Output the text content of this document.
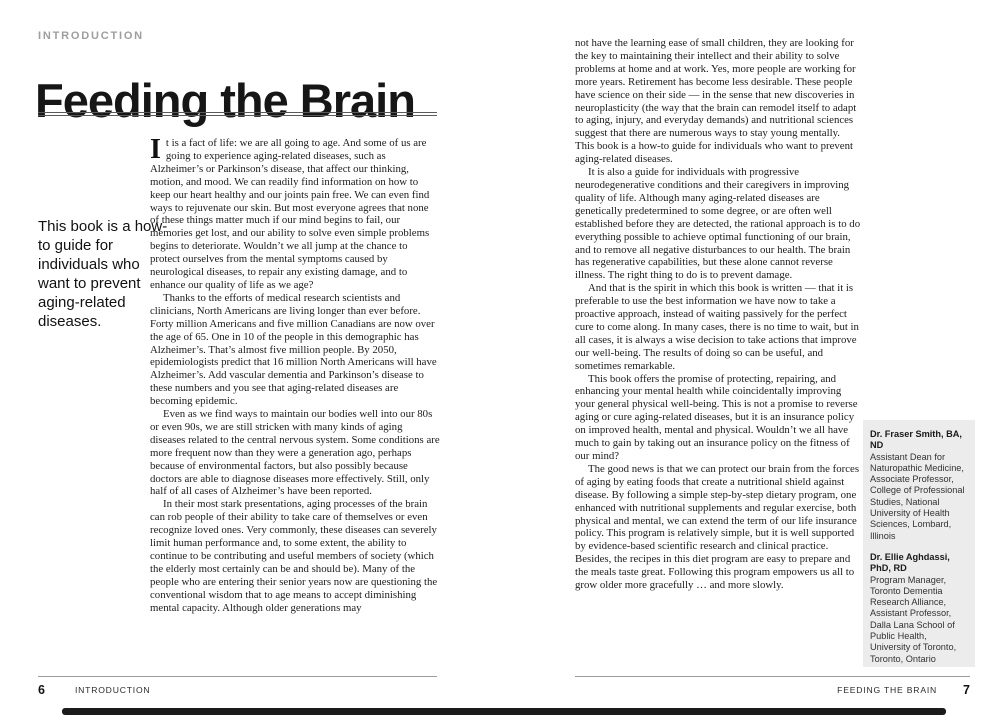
INTRODUCTION
Feeding the Brain
This book is a how-to guide for individuals who want to prevent aging-related diseases.

It is a fact of life: we are all going to age. And some of us are going to experience aging-related diseases, such as Alzheimer’s or Parkinson’s disease, that affect our thinking, motion, and mood. We can readily find information on how to keep our heart healthy and our joints pain free. We can even find ways to rejuvenate our skin. But most everyone agrees that none of these things matter much if our mind begins to fail, our memories get lost, and our ability to solve even simple problems begins to deteriorate. Wouldn’t we all jump at the chance to protect ourselves from the mental symptoms caused by neurological diseases, to repair any existing damage, and to enhance our quality of life as we age?

Thanks to the efforts of medical research scientists and clinicians, North Americans are living longer than ever before. Forty million Americans and five million Canadians are now over the age of 65. One in 10 of the people in this demographic has Alzheimer’s. That’s almost five million people. By 2050, epidemiologists predict that 16 million North Americans will have Alzheimer’s. Add vascular dementia and Parkinson’s disease to these numbers and you see that aging-related diseases are becoming epidemic.

Even as we find ways to maintain our bodies well into our 80s or even 90s, we are still stricken with many kinds of aging diseases related to the central nervous system. Some conditions are more frequent now than they were a generation ago, perhaps because of environmental factors, but also possibly because doctors are able to diagnose diseases more effectively. Still, only half of all cases of Alzheimer’s have been reported.

In their most stark presentations, aging processes of the brain can rob people of their ability to take care of themselves or even recognize loved ones. Very commonly, these diseases can severely limit human performance and, to some extent, the ability to continue to be contributing and useful members of society (which the elderly most certainly can be and should be). Many of the people who are entering their senior years now are questioning the conventional wisdom that to age means to accept diminishing mental capacity. Although older generations may

6	INTRODUCTION

not have the learning ease of small children, they are looking for the key to maintaining their intellect and their ability to solve problems at home and at work. Yes, more people are working for more years. Retirement has become less desirable. These people have science on their side — in the sense that new discoveries in neuroplasticity (the way that the brain can remodel itself to adapt to aging, injury, and everyday demands) and nutritional sciences suggest that there are numerous ways to stay young mentally. This book is a how-to guide for individuals who want to prevent aging-related diseases.

It is also a guide for individuals with progressive neurodegenerative conditions and their caregivers in improving quality of life. Although many aging-related diseases are genetically predetermined to some degree, or are often well established before they are detected, the rational approach is to do everything possible to achieve optimal functioning of our brain, and to remove all negative disturbances to our health. The brain has regenerative capabilities, but these alone cannot reverse illness. The right thing to do is to prevent damage.

And that is the spirit in which this book is written — that it is preferable to use the best information we have now to take a proactive approach, instead of waiting passively for the perfect cure to come along. In many cases, there is no time to wait, but in all cases, it is always a wise decision to take actions that improve our well-being. The results of doing so can be useful, and sometimes remarkable.

This book offers the promise of protecting, repairing, and enhancing your mental health while coincidentally improving your general physical well-being. This is not a promise to reverse aging or cure aging-related diseases, but it is an insurance policy on improved health, mental and physical. Wouldn’t we all have much to gain by taking out an insurance policy on the fitness of our mind?

The good news is that we can protect our brain from the forces of aging by eating foods that create a nutritional shield against disease. By following a simple step-by-step dietary program, one enhanced with nutritional supplements and regular exercise, both physical and mental, we can extend the term of our life insurance policy. This program is relatively simple, but it is well supported by evidence-based scientific research and clinical practice. Besides, the recipes in this diet program are easy to prepare and the meals taste great. Following this program empowers us all to grow older more gracefully … and more slowly.

Dr. Fraser Smith, BA, ND
Assistant Dean for Naturopathic Medicine, Associate Professor, College of Professional Studies, National University of Health Sciences, Lombard, Illinois
Dr. Ellie Aghdassi, PhD, RD
Program Manager, Toronto Dementia Research Alliance, Assistant Professor, Dalla Lana School of Public Health, University of Toronto, Toronto, Ontario
FEEDING THE BRAIN 7
